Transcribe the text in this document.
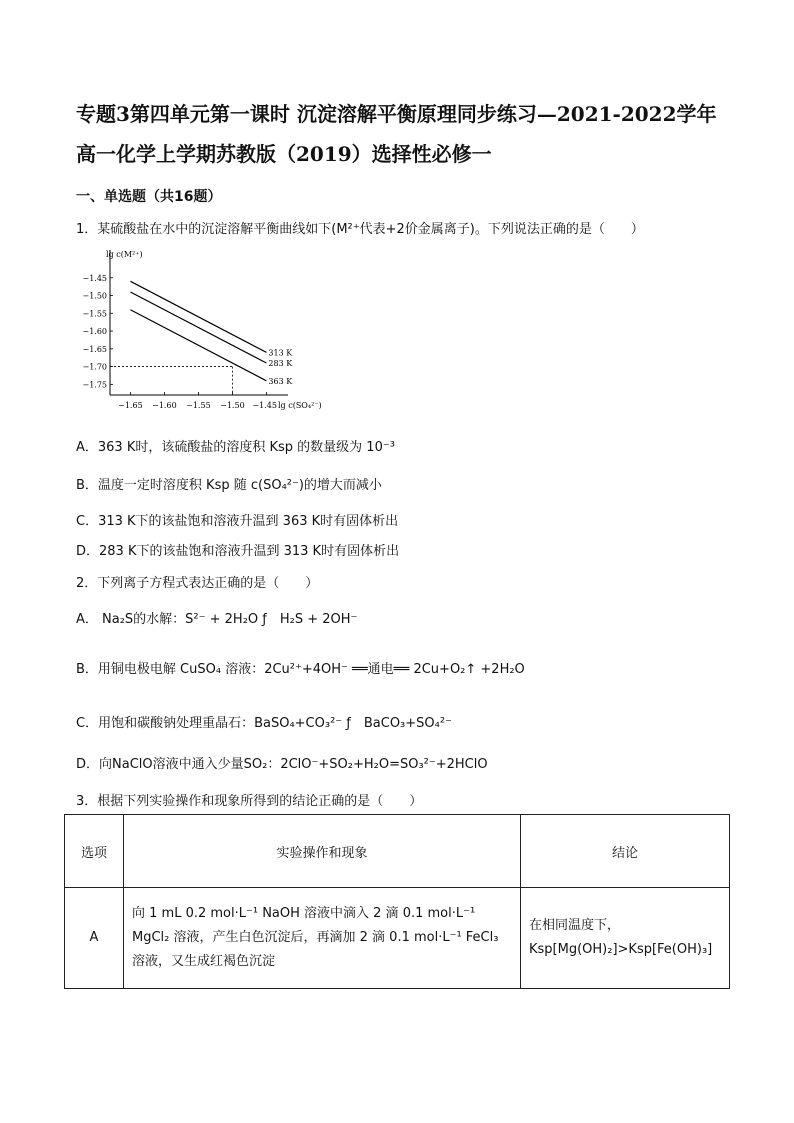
专题3第四单元第一课时 沉淀溶解平衡原理同步练习—2021-2022学年
高一化学上学期苏教版（2019）选择性必修一
一、单选题（共16题）
1．某硫酸盐在水中的沉淀溶解平衡曲线如下(M²⁺代表+2价金属离子)。下列说法正确的是（　　）
lg c(M²⁺)
lg c(SO₄²⁻)
−1.65 −1.60 −1.55 −1.50 −1.45
−1.45
−1.50
−1.55
−1.60
−1.65
−1.70
−1.75
313 K
283 K
363 K
A．363 K时，该硫酸盐的溶度积 Ksp 的数量级为 10⁻³
B．温度一定时溶度积 Ksp 随 c(SO₄²⁻)的增大而减小
C．313 K下的该盐饱和溶液升温到 363 K时有固体析出
D．283 K下的该盐饱和溶液升温到 313 K时有固体析出
2．下列离子方程式表达正确的是（　　）
A． Na₂S的水解：S²⁻ + 2H₂O ƒ　H₂S + 2OH⁻
B．用铜电极电解 CuSO₄ 溶液：2Cu²⁺+4OH⁻ ══通电══ 2Cu+O₂↑ +2H₂O
C．用饱和碳酸钠处理重晶石：BaSO₄+CO₃²⁻ ƒ　BaCO₃+SO₄²⁻
D．向NaClO溶液中通入少量SO₂：2ClO⁻+SO₂+H₂O=SO₃²⁻+2HClO
3．根据下列实验操作和现象所得到的结论正确的是（　　）
选项	实验操作和现象	结论
A	向 1 mL 0.2 mol·L⁻¹ NaOH 溶液中滴入 2 滴 0.1 mol·L⁻¹ MgCl₂ 溶液，产生白色沉淀后，再滴加 2 滴 0.1 mol·L⁻¹ FeCl₃ 溶液，又生成红褐色沉淀	在相同温度下，
Ksp[Mg(OH)₂]>Ksp[Fe(OH)₃]
